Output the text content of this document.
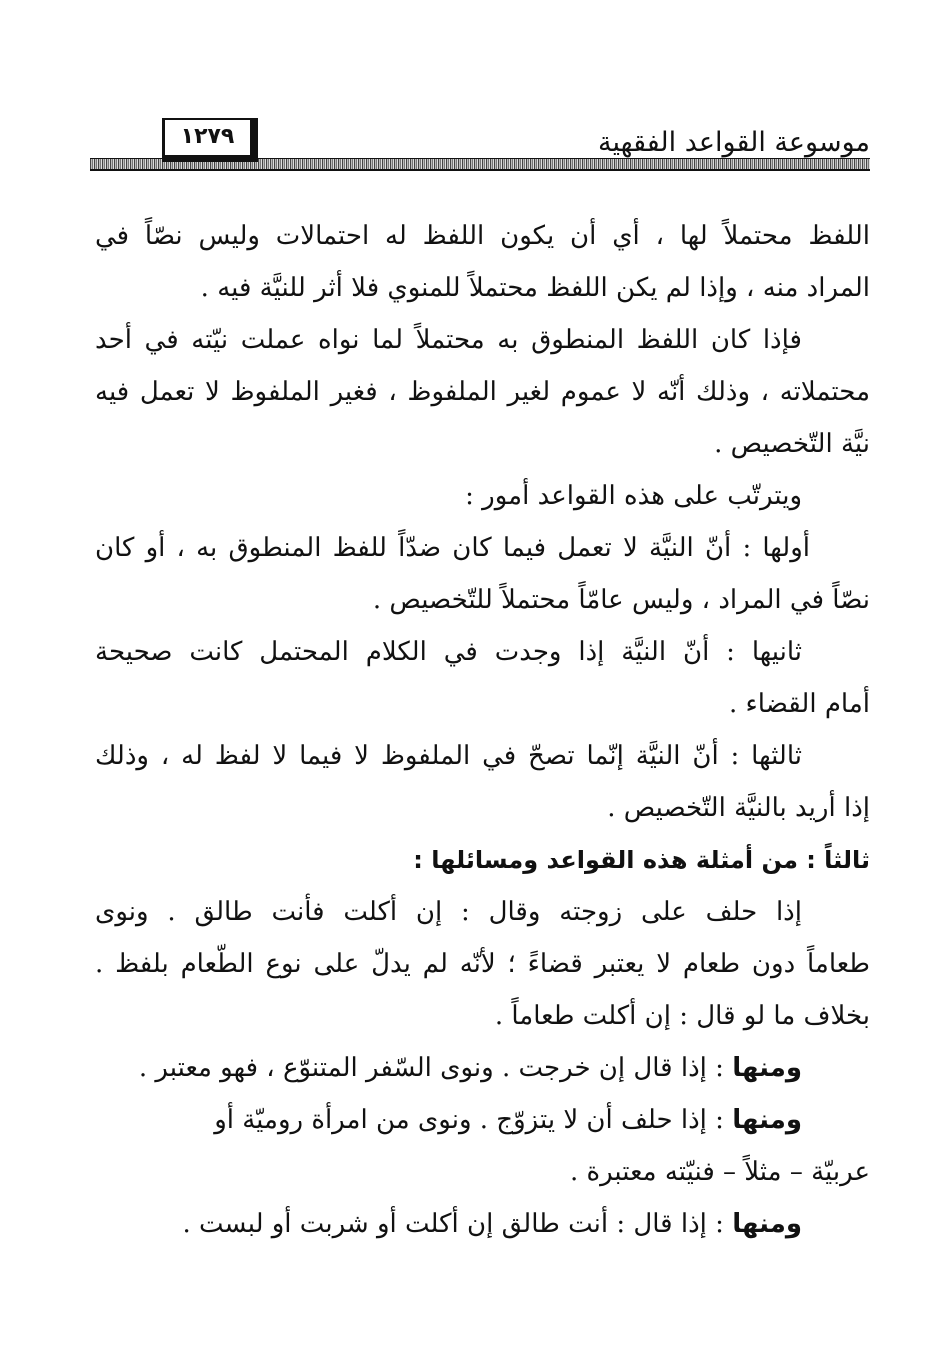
موسوعة القواعد الفقهية
١٢٧٩
اللفظ محتملاً لها ، أي أن يكون اللفظ له احتمالات وليس نصّاً في
المراد منه ، وإذا لم يكن اللفظ محتملاً للمنوي فلا أثر للنيَّة فيه .
فإذا كان اللفظ المنطوق به محتملاً لما نواه عملت نيّته في أحد
محتملاته ، وذلك أنّه لا عموم لغير الملفوظ ، فغير الملفوظ لا تعمل فيه
نيَّة التّخصيص .
ويترتّب على هذه القواعد أمور :
أولها : أنّ النيَّة لا تعمل فيما كان ضدّاً للفظ المنطوق به ، أو كان
نصّاً في المراد ، وليس عامّاً محتملاً للتّخصيص .
ثانيها : أنّ النيَّة إذا وجدت في الكلام المحتمل كانت صحيحة
أمام القضاء .
ثالثها : أنّ النيَّة إنّما تصحّ في الملفوظ لا فيما لا لفظ له ، وذلك
إذا أريد بالنيَّة التّخصيص .
ثالثاً : من أمثلة هذه القواعد ومسائلها :
إذا حلف على زوجته وقال : إن أكلت فأنت طالق . ونوى
طعاماً دون طعام لا يعتبر قضاءً ؛ لأنّه لم يدلّ على نوع الطّعام بلفظ .
بخلاف ما لو قال : إن أكلت طعاماً .
ومنها : إذا قال إن خرجت . ونوى السّفر المتنوّع ، فهو معتبر .
ومنها : إذا حلف أن لا يتزوّج . ونوى من امرأة روميّة أو
عربيّة – مثلاً – فنيّته معتبرة .
ومنها : إذا قال : أنت طالق إن أكلت أو شربت أو لبست .
